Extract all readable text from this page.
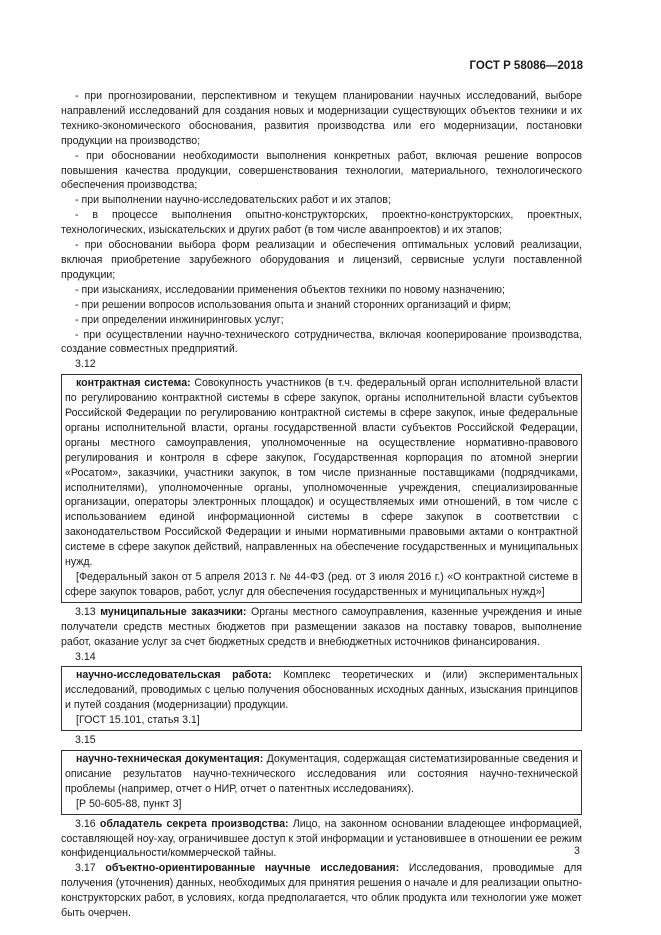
ГОСТ Р 58086—2018

- при прогнозировании, перспективном и текущем планировании научных исследований, выборе направлений исследований для создания новых и модернизации существующих объектов техники и их технико-экономического обоснования, развития производства или его модернизации, постановки продукции на производство;

- при обосновании необходимости выполнения конкретных работ, включая решение вопросов повышения качества продукции, совершенствования технологии, материального, технологического обеспечения производства;

- при выполнении научно-исследовательских работ и их этапов;

- в процессе выполнения опытно-конструкторских, проектно-конструкторских, проектных, технологических, изыскательских и других работ (в том числе аванпроектов) и их этапов;

- при обосновании выбора форм реализации и обеспечения оптимальных условий реализации, включая приобретение зарубежного оборудования и лицензий, сервисные услуги поставленной продукции;

- при изысканиях, исследовании применения объектов техники по новому назначению;

- при решении вопросов использования опыта и знаний сторонних организаций и фирм;

- при определении инжиниринговых услуг;

- при осуществлении научно-технического сотрудничества, включая кооперирование производства, создание совместных предприятий.

3.12

контрактная система: Совокупность участников (в т.ч. федеральный орган исполнительной власти по регулированию контрактной системы в сфере закупок, органы исполнительной власти субъектов Российской Федерации по регулированию контрактной системы в сфере закупок, иные федеральные органы исполнительной власти, органы государственной власти субъектов Российской Федерации, органы местного самоуправления, уполномоченные на осуществление нормативно-правового регулирования и контроля в сфере закупок, Государственная корпорация по атомной энергии «Росатом», заказчики, участники закупок, в том числе признанные поставщиками (подрядчиками, исполнителями), уполномоченные органы, уполномоченные учреждения, специализированные организации, операторы электронных площадок) и осуществляемых ими отношений, в том числе с использованием единой информационной системы в сфере закупок в соответствии с законодательством Российской Федерации и иными нормативными правовыми актами о контрактной системе в сфере закупок действий, направленных на обеспечение государственных и муниципальных нужд.

[Федеральный закон от 5 апреля 2013 г. № 44-ФЗ (ред. от 3 июля 2016 г.) «О контрактной системе в сфере закупок товаров, работ, услуг для обеспечения государственных и муниципальных нужд»]

3.13 муниципальные заказчики: Органы местного самоуправления, казенные учреждения и иные получатели средств местных бюджетов при размещении заказов на поставку товаров, выполнение работ, оказание услуг за счет бюджетных средств и внебюджетных источников финансирования.

3.14

научно-исследовательская работа: Комплекс теоретических и (или) экспериментальных исследований, проводимых с целью получения обоснованных исходных данных, изыскания принципов и путей создания (модернизации) продукции.

[ГОСТ 15.101, статья 3.1]

3.15

научно-техническая документация: Документация, содержащая систематизированные сведения и описание результатов научно-технического исследования или состояния научно-технической проблемы (например, отчет о НИР, отчет о патентных исследованиях).

[Р 50-605-88, пункт 3]

3.16 обладатель секрета производства: Лицо, на законном основании владеющее информацией, составляющей ноу-хау, ограничившее доступ к этой информации и установившее в отношении ее режим конфиденциальности/коммерческой тайны.

3.17 объектно-ориентированные научные исследования: Исследования, проводимые для получения (уточнения) данных, необходимых для принятия решения о начале и для реализации опытно-конструкторских работ, в условиях, когда предполагается, что облик продукта или технологии уже может быть очерчен.

3
